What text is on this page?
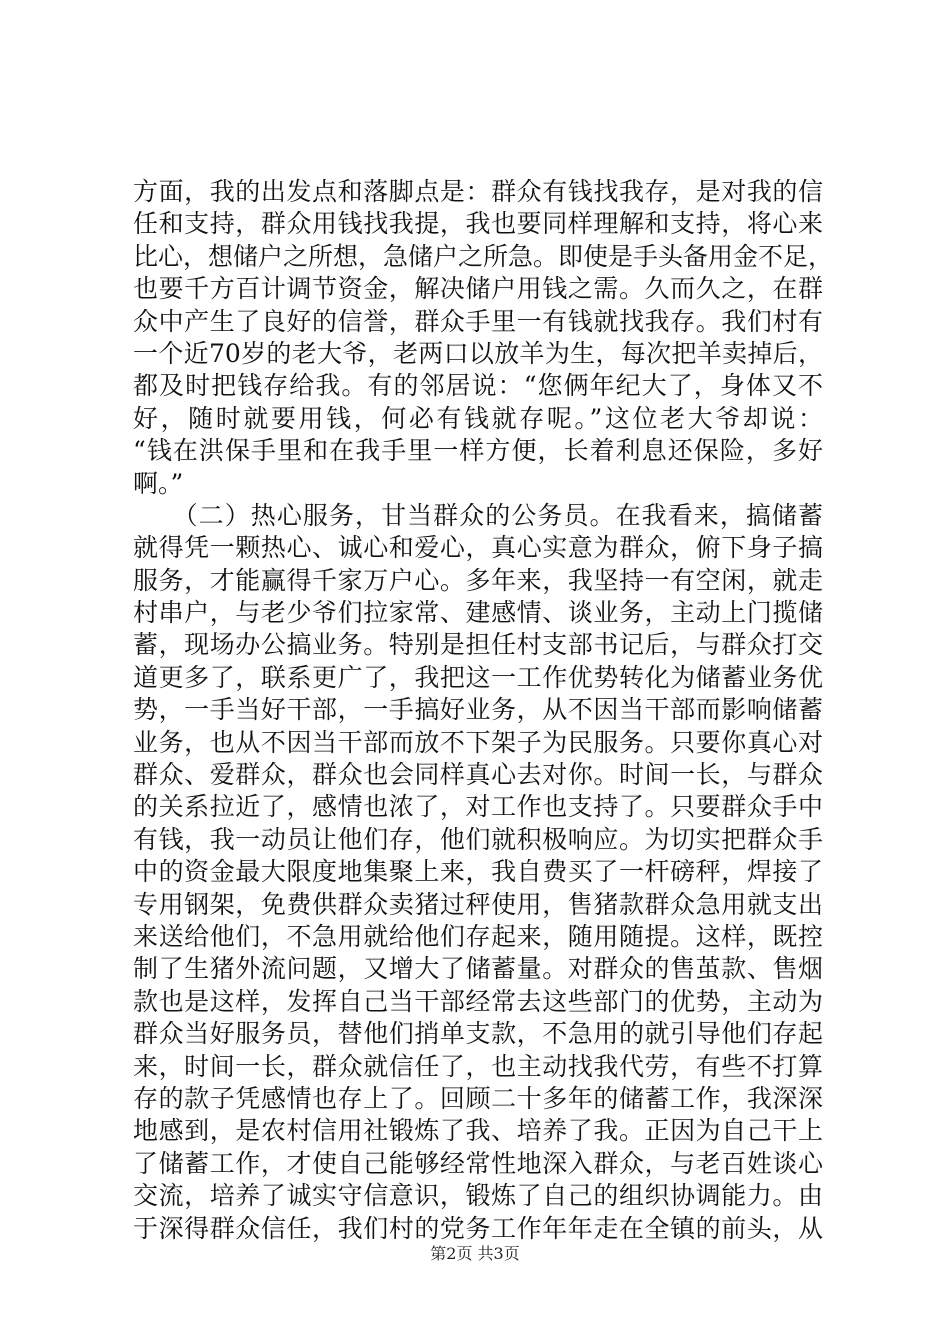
方面，我的出发点和落脚点是：群众有钱找我存，是对我的信
任和支持，群众用钱找我提，我也要同样理解和支持，将心来
比心，想储户之所想，急储户之所急。即使是手头备用金不足，
也要千方百计调节资金，解决储户用钱之需。久而久之，在群
众中产生了良好的信誉，群众手里一有钱就找我存。我们村有
一个近70岁的老大爷，老两口以放羊为生，每次把羊卖掉后，
都及时把钱存给我。有的邻居说：“您俩年纪大了，身体又不
好，随时就要用钱，何必有钱就存呢。”这位老大爷却说：
“钱在洪保手里和在我手里一样方便，长着利息还保险，多好
啊。”
　　（二）热心服务，甘当群众的公务员。在我看来，搞储蓄
就得凭一颗热心、诚心和爱心，真心实意为群众，俯下身子搞
服务，才能赢得千家万户心。多年来，我坚持一有空闲，就走
村串户，与老少爷们拉家常、建感情、谈业务，主动上门揽储
蓄，现场办公搞业务。特别是担任村支部书记后，与群众打交
道更多了，联系更广了，我把这一工作优势转化为储蓄业务优
势，一手当好干部，一手搞好业务，从不因当干部而影响储蓄
业务，也从不因当干部而放不下架子为民服务。只要你真心对
群众、爱群众，群众也会同样真心去对你。时间一长，与群众
的关系拉近了，感情也浓了，对工作也支持了。只要群众手中
有钱，我一动员让他们存，他们就积极响应。为切实把群众手
中的资金最大限度地集聚上来，我自费买了一杆磅秤，焊接了
专用钢架，免费供群众卖猪过秤使用，售猪款群众急用就支出
来送给他们，不急用就给他们存起来，随用随提。这样，既控
制了生猪外流问题，又增大了储蓄量。对群众的售茧款、售烟
款也是这样，发挥自己当干部经常去这些部门的优势，主动为
群众当好服务员，替他们捎单支款，不急用的就引导他们存起
来，时间一长，群众就信任了，也主动找我代劳，有些不打算
存的款子凭感情也存上了。回顾二十多年的储蓄工作，我深深
地感到，是农村信用社锻炼了我、培养了我。正因为自己干上
了储蓄工作，才使自己能够经常性地深入群众，与老百姓谈心
交流，培养了诚实守信意识，锻炼了自己的组织协调能力。由
于深得群众信任，我们村的党务工作年年走在全镇的前头，从
第2页 共3页
